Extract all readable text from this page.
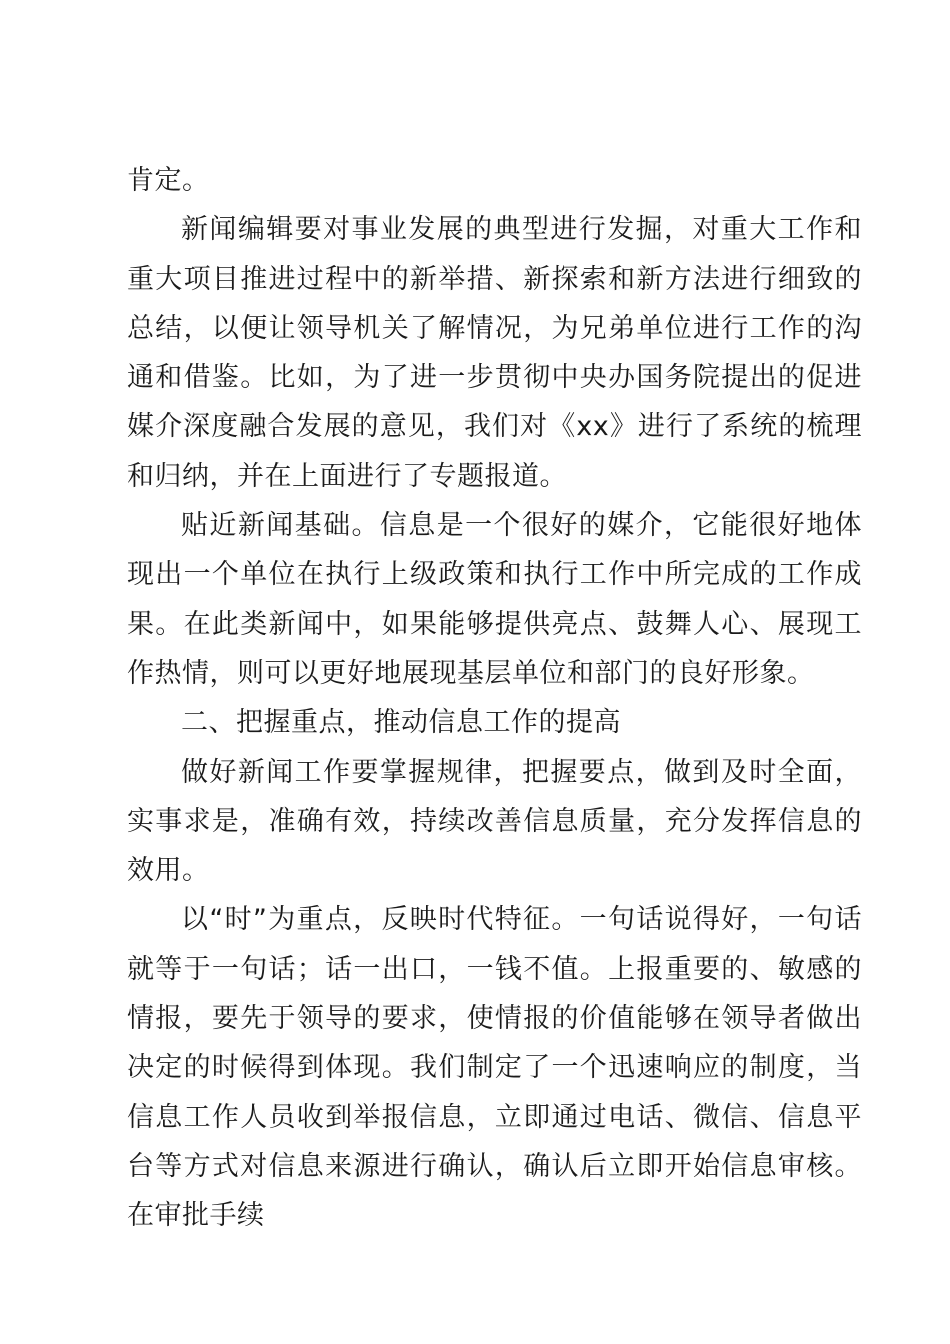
肯定。

新闻编辑要对事业发展的典型进行发掘，对重大工作和重大项目推进过程中的新举措、新探索和新方法进行细致的总结，以便让领导机关了解情况，为兄弟单位进行工作的沟通和借鉴。比如，为了进一步贯彻中央办国务院提出的促进媒介深度融合发展的意见，我们对《xx》进行了系统的梳理和归纳，并在上面进行了专题报道。

贴近新闻基础。信息是一个很好的媒介，它能很好地体现出一个单位在执行上级政策和执行工作中所完成的工作成果。在此类新闻中，如果能够提供亮点、鼓舞人心、展现工作热情，则可以更好地展现基层单位和部门的良好形象。

二、把握重点，推动信息工作的提高

做好新闻工作要掌握规律，把握要点，做到及时全面，实事求是，准确有效，持续改善信息质量，充分发挥信息的效用。

以“时”为重点，反映时代特征。一句话说得好，一句话就等于一句话；话一出口，一钱不值。上报重要的、敏感的情报，要先于领导的要求，使情报的价值能够在领导者做出决定的时候得到体现。我们制定了一个迅速响应的制度，当信息工作人员收到举报信息，立即通过电话、微信、信息平台等方式对信息来源进行确认，确认后立即开始信息审核。在审批手续
